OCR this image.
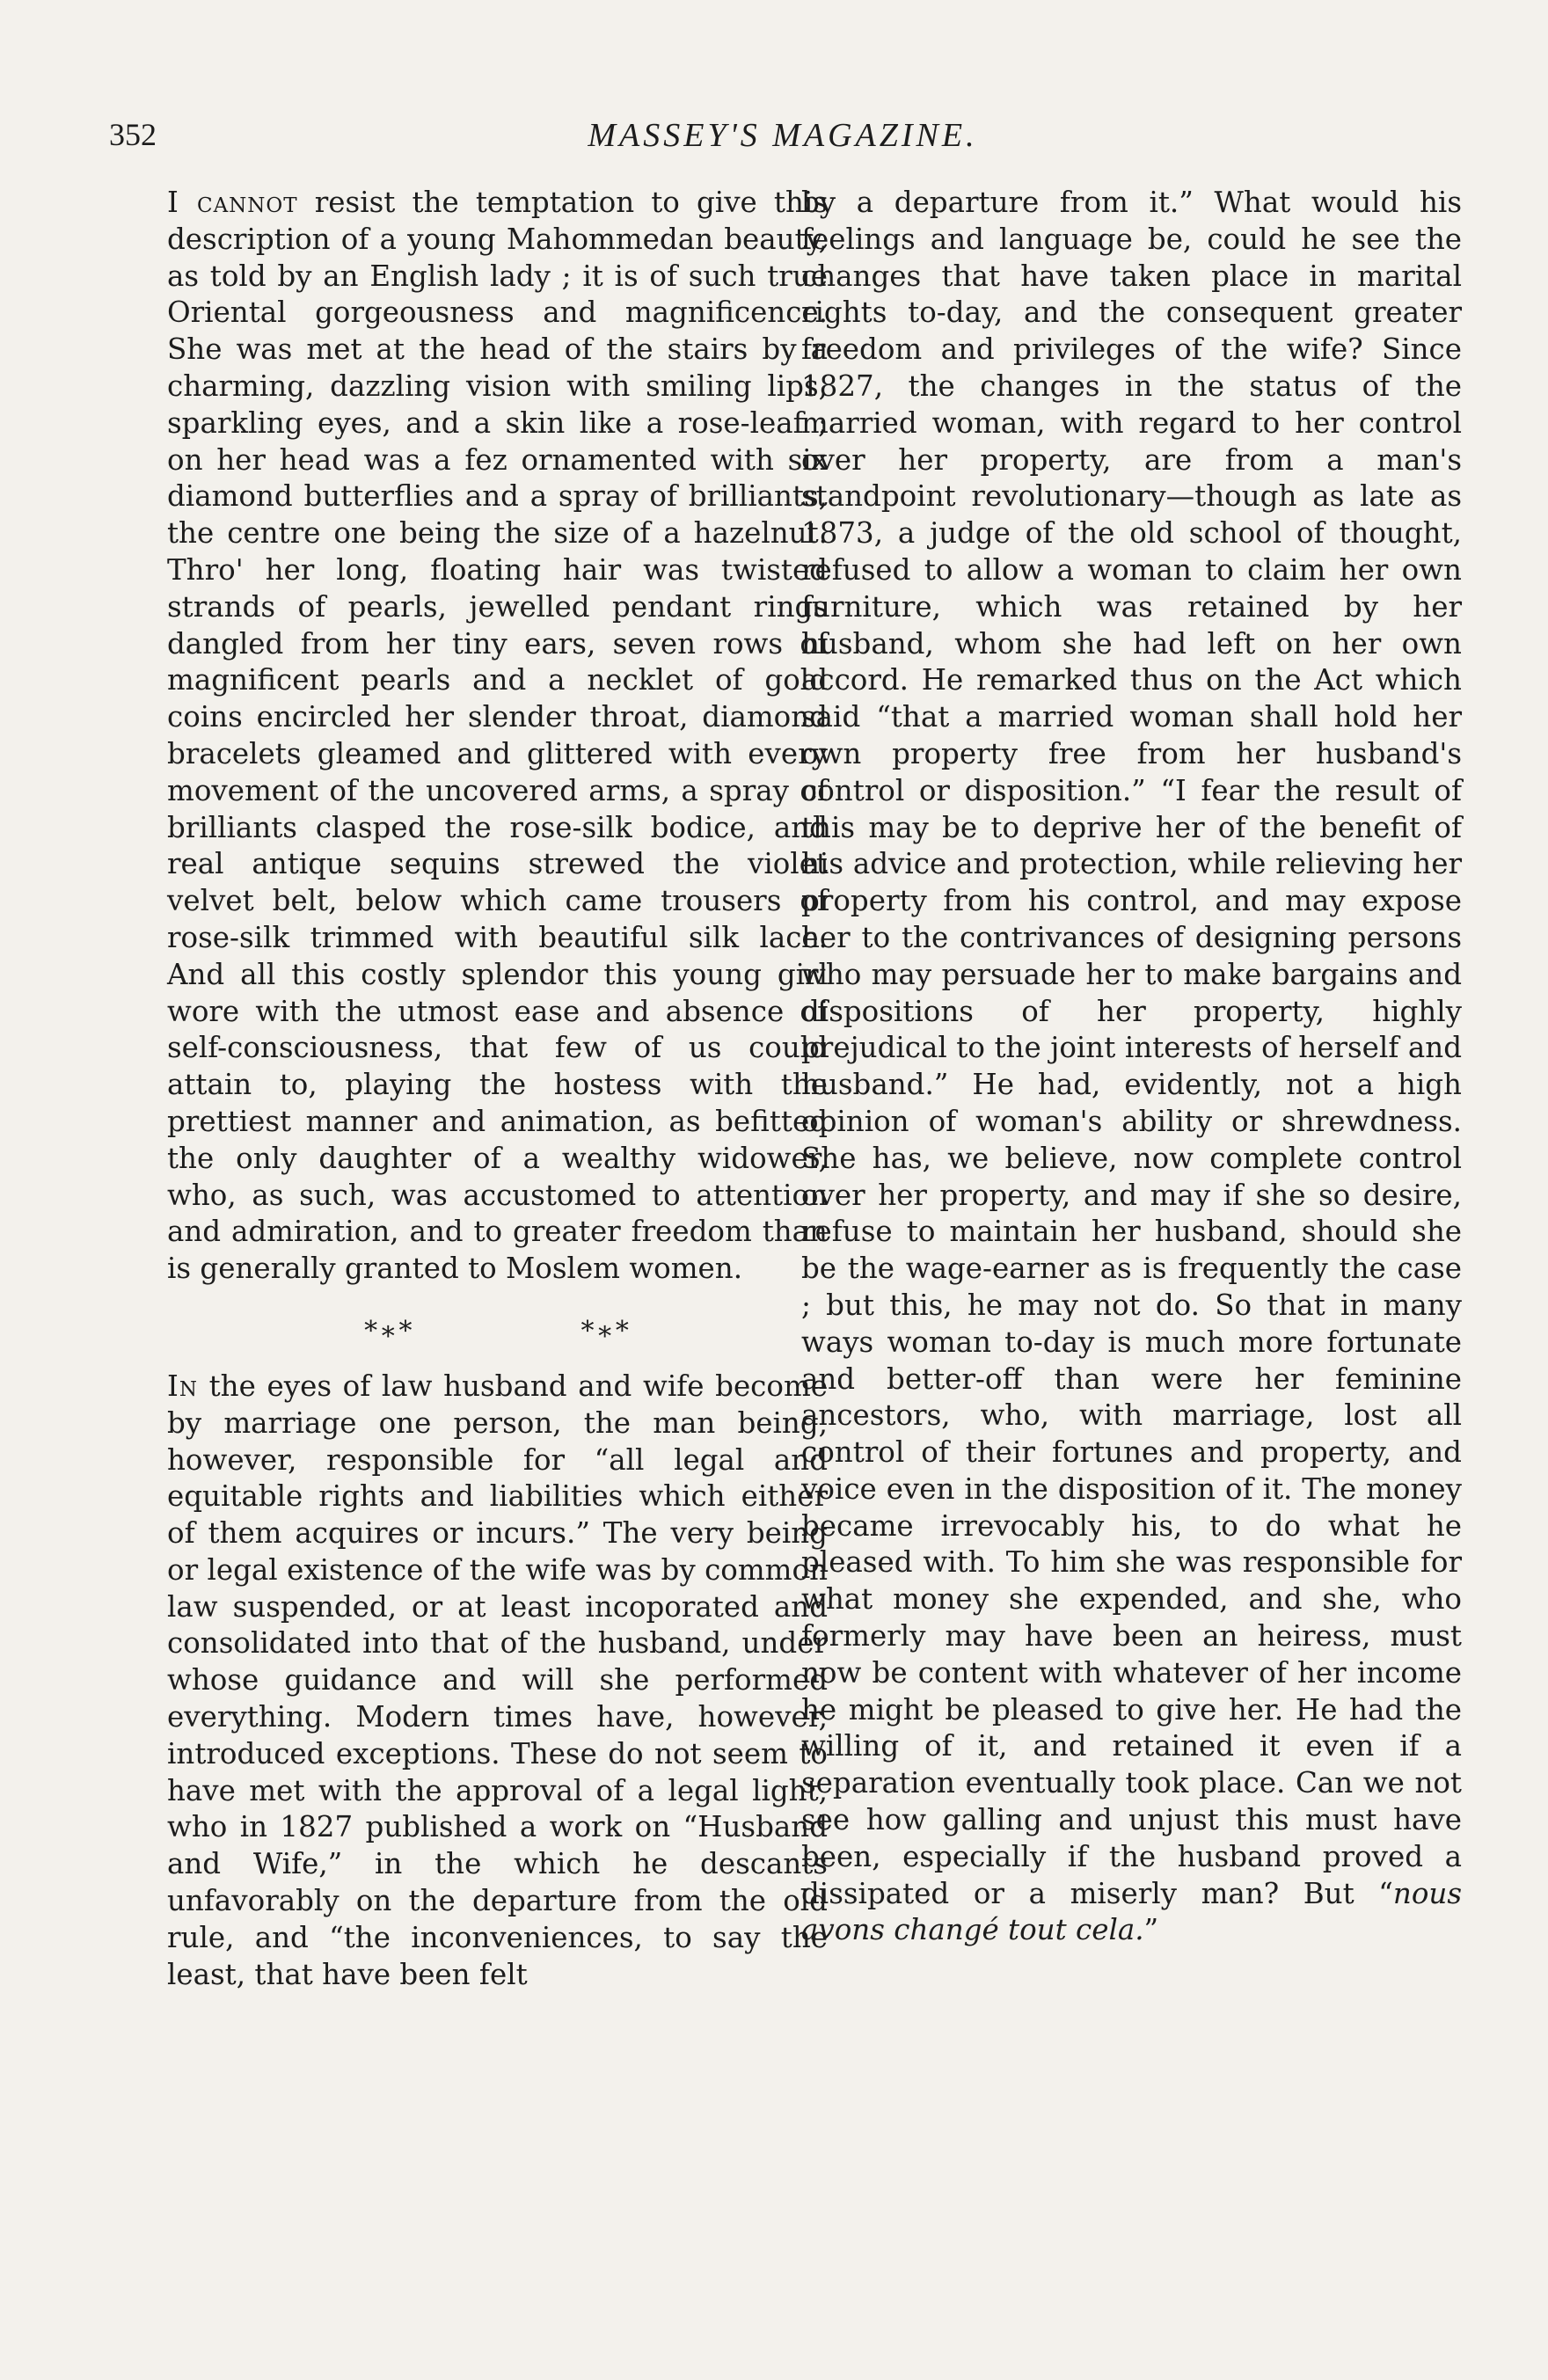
352	MASSEY'S MAGAZINE.

I cannot resist the temptation to give this description of a young Mahommedan beauty, as told by an English lady ; it is of such true Oriental gorgeousness and magnificence. She was met at the head of the stairs by a charming, dazzling vision with smiling lips, sparkling eyes, and a skin like a rose-leaf ; on her head was a fez ornamented with six diamond butterflies and a spray of brilliants, the centre one being the size of a hazelnut. Thro' her long, floating hair was twisted strands of pearls, jewelled pendant rings dangled from her tiny ears, seven rows of magnificent pearls and a necklet of gold coins encircled her slender throat, diamond bracelets gleamed and glittered with every movement of the uncovered arms, a spray of brilliants clasped the rose-silk bodice, and real antique sequins strewed the violet velvet belt, below which came trousers of rose-silk trimmed with beautiful silk lace. And all this costly splendor this young girl wore with the utmost ease and absence of self-consciousness, that few of us could attain to, playing the hostess with the prettiest manner and animation, as befitted the only daughter of a wealthy widower, who, as such, was accustomed to attention and admiration, and to greater freedom than is generally granted to Moslem women.

*∗*	*∗*

In the eyes of law husband and wife become by marriage one person, the man being, however, responsible for “all legal and equitable rights and liabilities which either of them acquires or incurs.” The very being or legal existence of the wife was by common law suspended, or at least incoporated and consolidated into that of the husband, under whose guidance and will she performed everything. Modern times have, however, introduced exceptions. These do not seem to have met with the approval of a legal light, who in 1827 published a work on “Husband and Wife,” in the which he descants unfavorably on the departure from the old rule, and “the inconveniences, to say the least, that have been felt

by a departure from it.” What would his feelings and language be, could he see the changes that have taken place in marital rights to-day, and the consequent greater freedom and privileges of the wife? Since 1827, the changes in the status of the married woman, with regard to her control over her property, are from a man's standpoint revolutionary—though as late as 1873, a judge of the old school of thought, refused to allow a woman to claim her own furniture, which was retained by her husband, whom she had left on her own accord. He remarked thus on the Act which said “that a married woman shall hold her own property free from her husband's control or disposition.” “I fear the result of this may be to deprive her of the benefit of his advice and protection, while relieving her property from his control, and may expose her to the contrivances of designing persons who may persuade her to make bargains and dispositions of her property, highly prejudical to the joint interests of herself and husband.” He had, evidently, not a high opinion of woman's ability or shrewdness. She has, we believe, now complete control over her property, and may if she so desire, refuse to maintain her husband, should she be the wage-earner as is frequently the case ; but this, he may not do. So that in many ways woman to-day is much more fortunate and better-off than were her feminine ancestors, who, with marriage, lost all control of their fortunes and property, and voice even in the disposition of it. The money became irrevocably his, to do what he pleased with. To him she was responsible for what money she expended, and she, who formerly may have been an heiress, must now be content with whatever of her income he might be pleased to give her. He had the willing of it, and retained it even if a separation eventually took place. Can we not see how galling and unjust this must have been, especially if the husband proved a dissipated or a miserly man? But “nous avons changé tout cela.”
